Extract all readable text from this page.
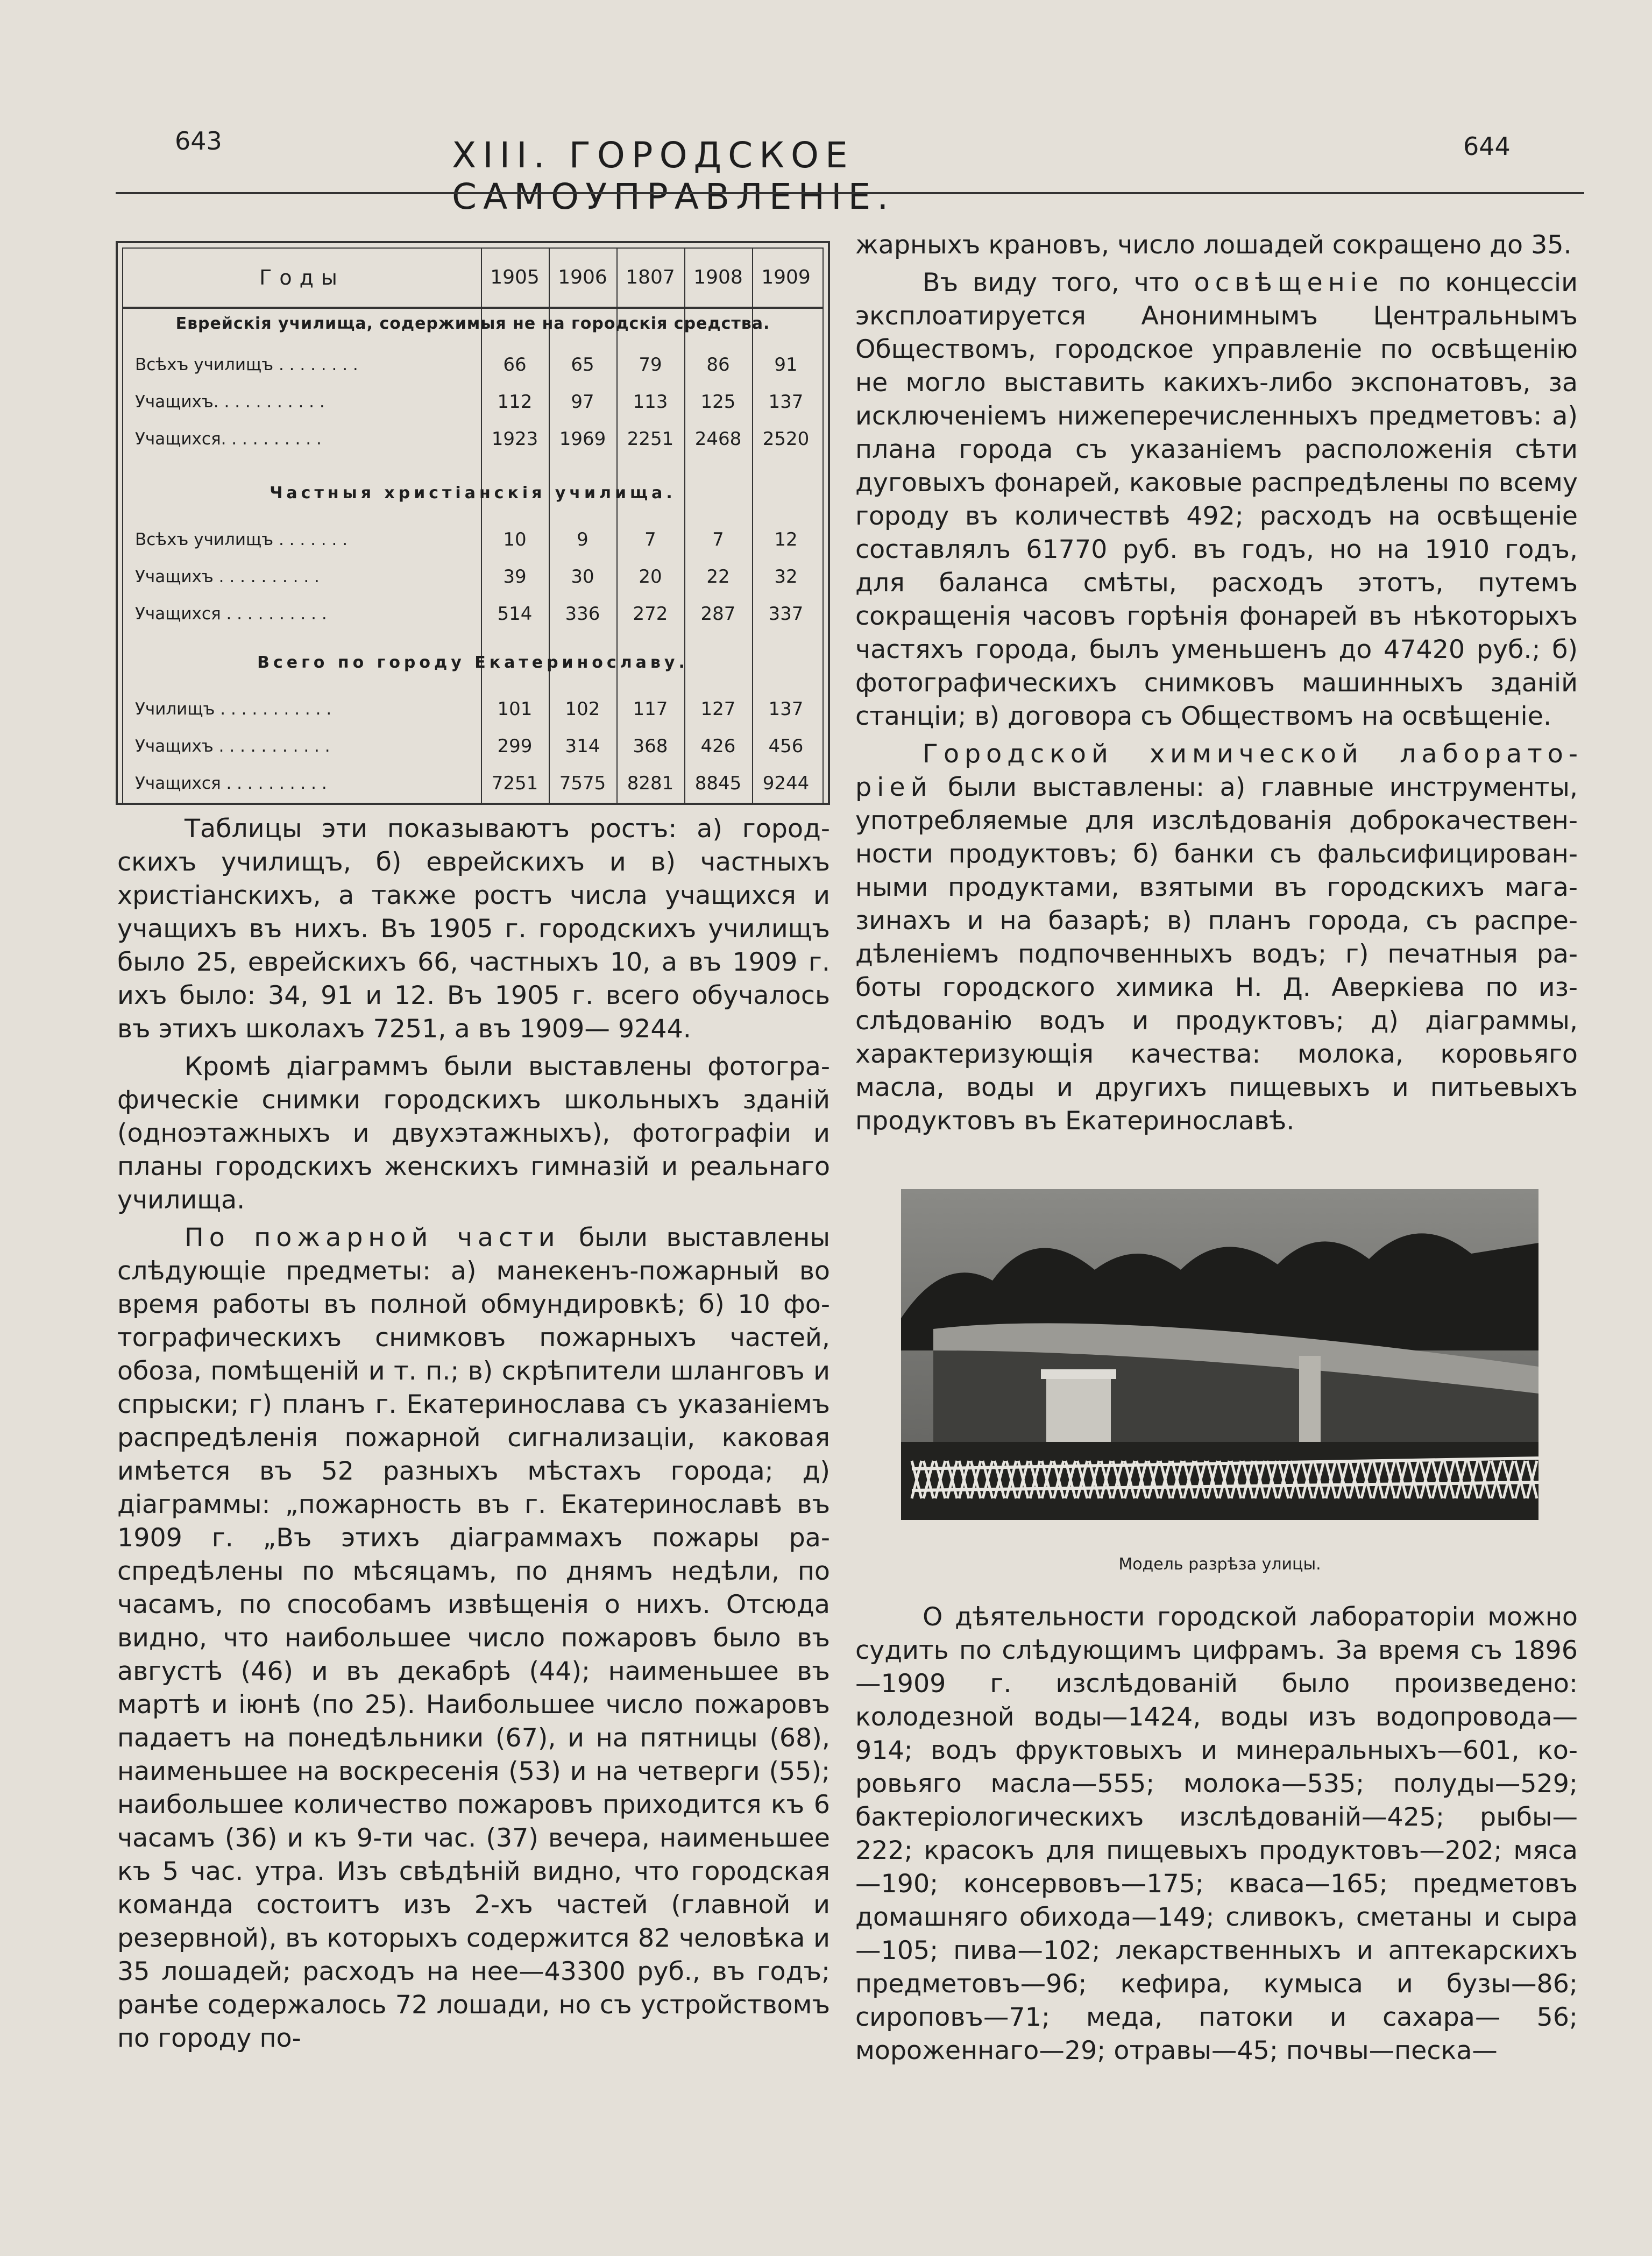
643	XIII. ГОРОДСКОЕ САМОУПРАВЛЕНІЕ.
644
Годы	1905 1906 1807 1908 1909
Еврейскія училища, содержимыя не на городскія средства.
Всѣхъ училищъ . . . . . . . .	66	65	79	86	91
Учащихъ. . . . . . . . . . .	112	97	113	125	137
Учащихся. . . . . . . . . .	1923	1969	2251	2468	2520
Частныя христіанскія училища.
Всѣхъ училищъ . . . . . . .	10	9	7	7	12
Учащихъ . . . . . . . . . .	39	30	20	22	32
Учащихся . . . . . . . . . .	514	336	272	287	337
Всего по городу Екатеринославу.
Училищъ . . . . . . . . . . .	101	102	117	127	137
Учащихъ . . . . . . . . . . .	299	314	368	426	456
Учащихся . . . . . . . . . .	7251	7575	8281	8845	9244

Таблицы эти показываютъ ростъ: а) городскихъ училищъ, б) еврейскихъ и в) частныхъ христіанскихъ, а также ростъ числа учащихся и учащихъ въ нихъ. Въ 1905 г. городскихъ училищъ было 25, еврейскихъ 66, частныхъ 10, а въ 1909 г. ихъ было: 34, 91 и 12. Въ 1905 г. всего обучалось въ этихъ школахъ 7251, а въ 1909— 9244.

Кромѣ діаграммъ были выставлены фотографическіе снимки городскихъ школьныхъ зданій (одноэтажныхъ и двухэтажныхъ), фотографіи и планы городскихъ женскихъ гимназій и реальнаго училища.

По пожарной части были выставлены слѣдующіе предметы: а) манекенъ-пожарный во время работы въ полной обмундировкѣ; б) 10 фотографическихъ снимковъ пожарныхъ частей, обоза, помѣщеній и т. п.; в) скрѣпители шланговъ и спрыски; г) планъ г. Екатеринослава съ указаніемъ распредѣленія пожарной сигнализаціи, каковая имѣется въ 52 разныхъ мѣстахъ города; д) діаграммы: „пожарность въ г. Екатеринославѣ въ 1909 г. „Въ этихъ діаграммахъ пожары распредѣлены по мѣсяцамъ, по днямъ недѣли, по часамъ, по способамъ извѣщенія о нихъ. Отсюда видно, что наибольшее число пожаровъ было въ августѣ (46) и въ декабрѣ (44); наименьшее въ мартѣ и іюнѣ (по 25). Наибольшее число пожаровъ падаетъ на понедѣльники (67), и на пятницы (68), наименьшее на воскресенія (53) и на четверги (55); наибольшее количество пожаровъ приходится къ 6 часамъ (36) и къ 9-ти час. (37) вечера, наименьшее къ 5 час. утра. Изъ свѣдѣній видно, что городская команда состоитъ изъ 2-хъ частей (главной и резервной), въ которыхъ содержится 82 человѣка и 35 лошадей; расходъ на нее—43300 руб., въ годъ; ранѣе содержалось 72 лошади, но съ устройствомъ по городу по-

жарныхъ крановъ, число лошадей сокращено до 35.

Въ виду того, что освѣщеніе по концессіи эксплоатируется Анонимнымъ Центральнымъ Обществомъ, городское управленіе по освѣщенію не могло выставить какихъ-либо экспонатовъ, за исключеніемъ нижеперечисленныхъ предметовъ: а) плана города съ указаніемъ расположенія сѣти дуговыхъ фонарей, каковые распредѣлены по всему городу въ количествѣ 492; расходъ на освѣщеніе составлялъ 61770 руб. въ годъ, но на 1910 годъ, для баланса смѣты, расходъ этотъ, путемъ сокращенія часовъ горѣнія фонарей въ нѣкоторыхъ частяхъ города, былъ уменьшенъ до 47420 руб.; б) фотографическихъ снимковъ машинныхъ зданій станціи; в) договора съ Обществомъ на освѣщеніе.

Городской химической лабораторіей были выставлены: а) главные инструменты, употребляемые для изслѣдованія доброкачественности продуктовъ; б) банки съ фальсифицированными продуктами, взятыми въ городскихъ магазинахъ и на базарѣ; в) планъ города, съ распредѣленіемъ подпочвенныхъ водъ; г) печатныя работы городского химика Н. Д. Аверкіева по изслѣдованію водъ и продуктовъ; д) діаграммы, характеризующія качества: молока, коровьяго масла, воды и другихъ пищевыхъ и питьевыхъ продуктовъ въ Екатеринославѣ.

Модель разрѣза улицы.

О дѣятельности городской лабораторіи можно судить по слѣдующимъ цифрамъ. За время съ 1896—1909 г. изслѣдованій было произведено: колодезной воды—1424, воды изъ водопровода— 914; водъ фруктовыхъ и минеральныхъ—601, коровьяго масла—555; молока—535; полуды—529; бактеріологическихъ изслѣдованій—425; рыбы— 222; красокъ для пищевыхъ продуктовъ—202; мяса—190; консервовъ—175; кваса—165; предметовъ домашняго обихода—149; сливокъ, сметаны и сыра—105; пива—102; лекарственныхъ и аптекарскихъ предметовъ—96; кефира, кумыса и бузы—86; сироповъ—71; меда, патоки и сахара— 56; мороженнаго—29; отравы—45; почвы—песка—
